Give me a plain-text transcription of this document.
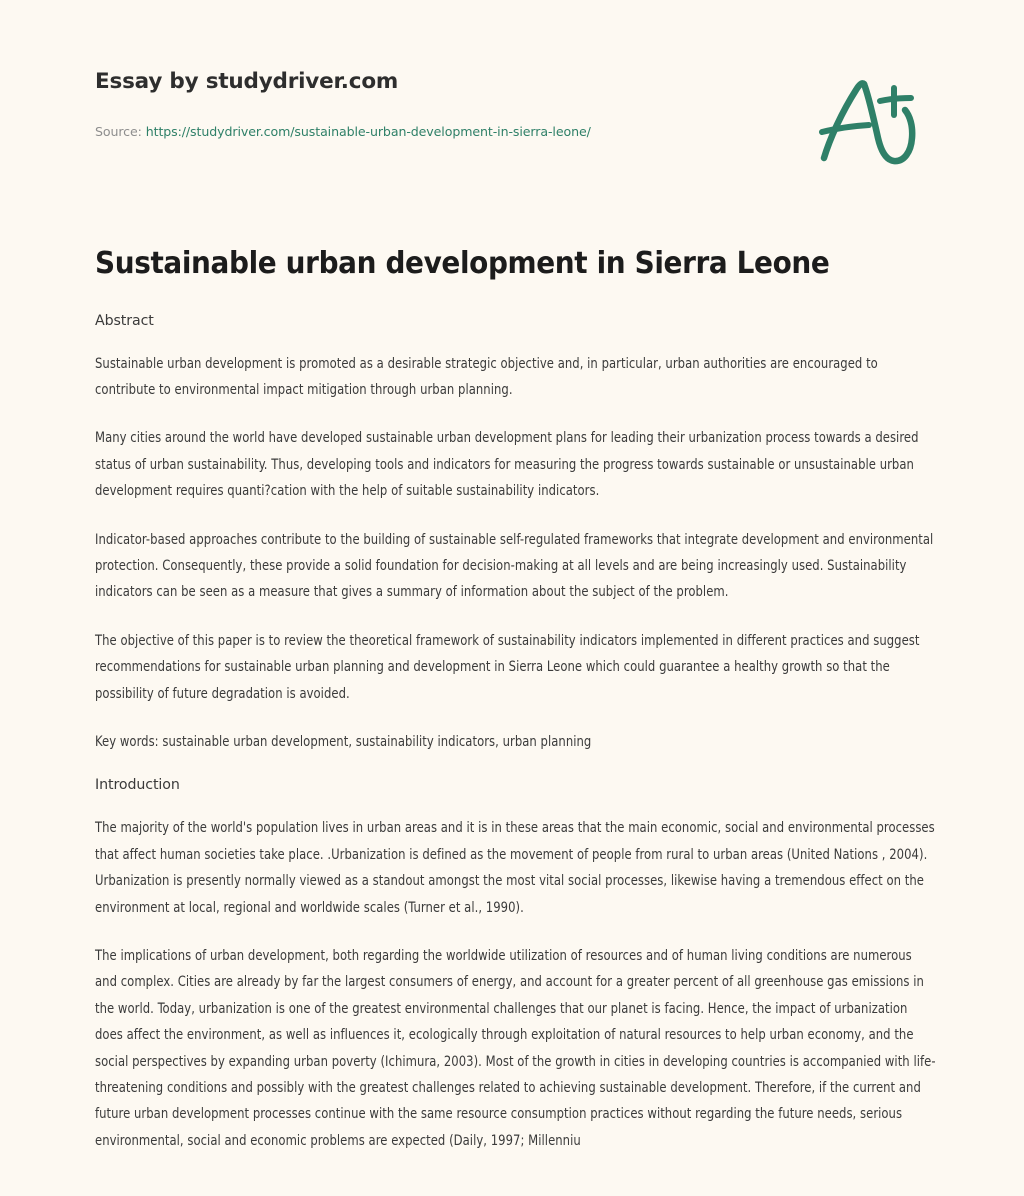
Essay by studydriver.com
Source: https://studydriver.com/sustainable-urban-development-in-sierra-leone/
Sustainable urban development in Sierra Leone
Abstract

Sustainable urban development is promoted as a desirable strategic objective and, in particular, urban authorities are encouraged to contribute to environmental impact mitigation through urban planning.

Many cities around the world have developed sustainable urban development plans for leading their urbanization process towards a desired status of urban sustainability. Thus, developing tools and indicators for measuring the progress towards sustainable or unsustainable urban development requires quanti?cation with the help of suitable sustainability indicators.

Indicator-based approaches contribute to the building of sustainable self-regulated frameworks that integrate development and environmental protection. Consequently, these provide a solid foundation for decision-making at all levels and are being increasingly used. Sustainability indicators can be seen as a measure that gives a summary of information about the subject of the problem.

The objective of this paper is to review the theoretical framework of sustainability indicators implemented in different practices and suggest recommendations for sustainable urban planning and development in Sierra Leone which could guarantee a healthy growth so that the possibility of future degradation is avoided.

Key words: sustainable urban development, sustainability indicators, urban planning

Introduction

The majority of the world's population lives in urban areas and it is in these areas that the main economic, social and environmental processes that affect human societies take place. .Urbanization is defined as the movement of people from rural to urban areas (United Nations , 2004). Urbanization is presently normally viewed as a standout amongst the most vital social processes, likewise having a tremendous effect on the environment at local, regional and worldwide scales (Turner et al., 1990).

The implications of urban development, both regarding the worldwide utilization of resources and of human living conditions are numerous and complex. Cities are already by far the largest consumers of energy, and account for a greater percent of all greenhouse gas emissions in the world. Today, urbanization is one of the greatest environmental challenges that our planet is facing. Hence, the impact of urbanization does affect the environment, as well as influences it, ecologically through exploitation of natural resources to help urban economy, and the social perspectives by expanding urban poverty (Ichimura, 2003). Most of the growth in cities in developing countries is accompanied with life-threatening conditions and possibly with the greatest challenges related to achieving sustainable development. Therefore, if the current and future urban development processes continue with the same resource consumption practices without regarding the future needs, serious environmental, social and economic problems are expected (Daily, 1997; Millenniu
